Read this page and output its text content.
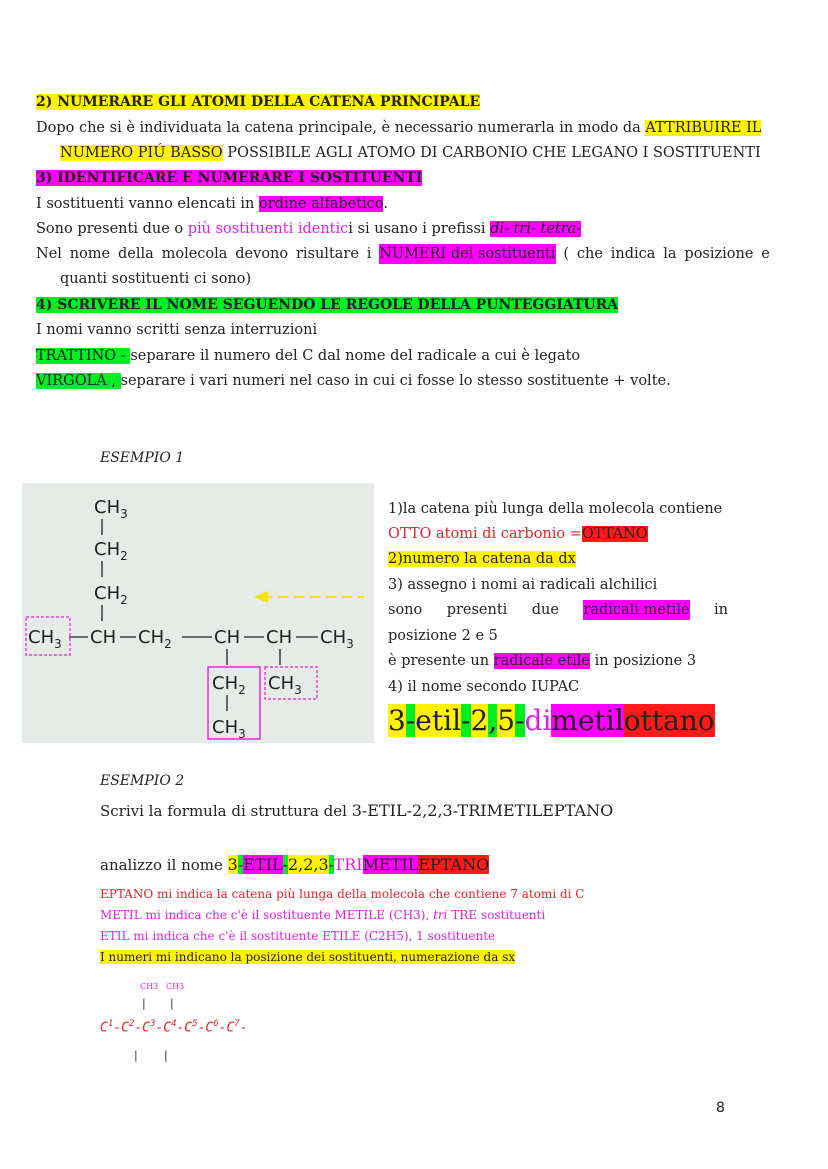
2) NUMERARE GLI ATOMI DELLA CATENA PRINCIPALE
Dopo che si è individuata la catena principale, è necessario numerarla in modo da ATTRIBUIRE IL
NUMERO PIÚ BASSO POSSIBILE AGLI ATOMO DI CARBONIO CHE LEGANO I SOSTITUENTI
3) IDENTIFICARE E NUMERARE I SOSTITUENTI
I sostituenti vanno elencati in ordine alfabetico.
Sono presenti due o più sostituenti identici si usano i prefissi di- tri- tetra-
Nel nome della molecola devono risultare i NUMERI dei sostituenti ( che indica la posizione e
quanti sostituenti ci sono)
4) SCRIVERE IL NOME SEGUENDO LE REGOLE DELLA PUNTEGGIATURA
I nomi vanno scritti senza interruzioni
TRATTINO - separare il numero del C dal nome del radicale a cui è legato
VIRGOLA , separare i vari numeri nel caso in cui ci fosse lo stesso sostituente + volte.
ESEMPIO 1
$CH_3$
$CH_2$
$CH_2$
$CH_3$ CH $CH_2$ CH CH $CH_3$
$CH_2$ $CH_3$
$CH_3$
1)la catena più lunga della molecola contiene
OTTO atomi di carbonio =OTTANO
2)numero la catena da dx
3) assegno i nomi ai radicali alchilici
sono presenti due radicali metile in
posizione 2 e 5
è presente un radicale etile in posizione 3
4) il nome secondo IUPAC
3-etil-2,5-dimetilottano
ESEMPIO 2
Scrivi la formula di struttura del 3-ETIL-2,2,3-TRIMETILEPTANO
analizzo il nome 3-ETIL-2,2,3-TRIMETILEPTANO
EPTANO mi indica la catena più lunga della molecola che contiene 7 atomi di C
METIL mi indica che c'è il sostituente METILE (CH3), tri TRE sostituenti
ETIL mi indica che c'è il sostituente ETILE (C2H5), 1 sostituente
I numeri mi indicano la posizione dei sostituenti, numerazione da sx
CH3 CH3
| |
$C^1-C^2-C^3-C^4-C^5-C^6-C^7-$
| |
8
